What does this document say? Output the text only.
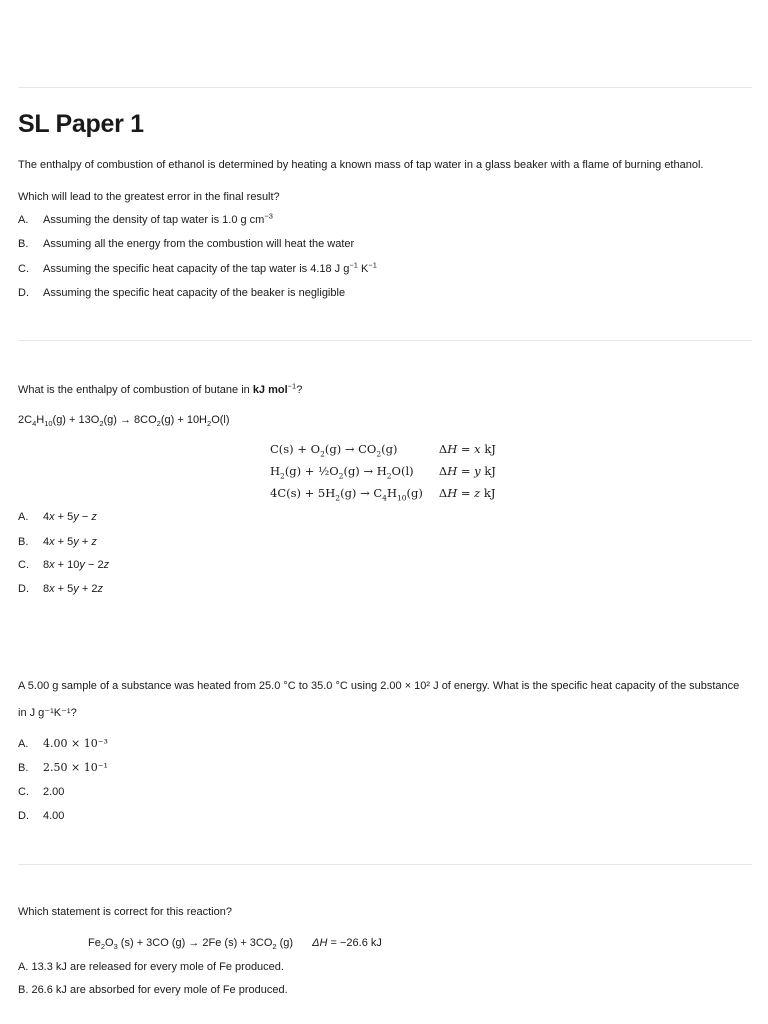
SL Paper 1
The enthalpy of combustion of ethanol is determined by heating a known mass of tap water in a glass beaker with a flame of burning ethanol.
Which will lead to the greatest error in the final result?
A. Assuming the density of tap water is 1.0 g $cm^{-3}$
B. Assuming all the energy from the combustion will heat the water
C. Assuming the specific heat capacity of the tap water is 4.18 J $g^{-1}$ $K^{-1}$
D. Assuming the specific heat capacity of the beaker is negligible
What is the enthalpy of combustion of butane in kJ mol$^{-1}$?
$2C_4H_{10}(g) + 13O_2(g) \to 8CO_2(g) + 10H_2O(l)$
$C(s) + O_2(g) \to CO_2(g)$	ΔH = x kJ
$H_2(g)$ + $\frac{1}{2}O_2(g) \to H_2O(l)$	ΔH = y kJ
$4C(s) + 5H_2(g) \to C_4H_{10}(g)$	ΔH = z kJ
A. 4x + 5y − z
B. 4x + 5y + z
C. 8x + 10y − 2z
D. 8x + 5y + 2z
A 5.00 g sample of a substance was heated from 25.0 °C to 35.0 °C using 2.00 × 10² J of energy. What is the specific heat capacity of the substance
in J g⁻¹K⁻¹?
A. 4.00 × 10⁻³
B. 2.50 × 10⁻¹
C. 2.00
D. 4.00
Which statement is correct for this reaction?
$Fe_2O_3$ (s) + 3CO (g) → 2Fe $(s) + 3CO_2$ (g) ΔH = −26.6 kJ
A. 13.3 kJ are released for every mole of Fe produced.
B. 26.6 kJ are absorbed for every mole of Fe produced.
